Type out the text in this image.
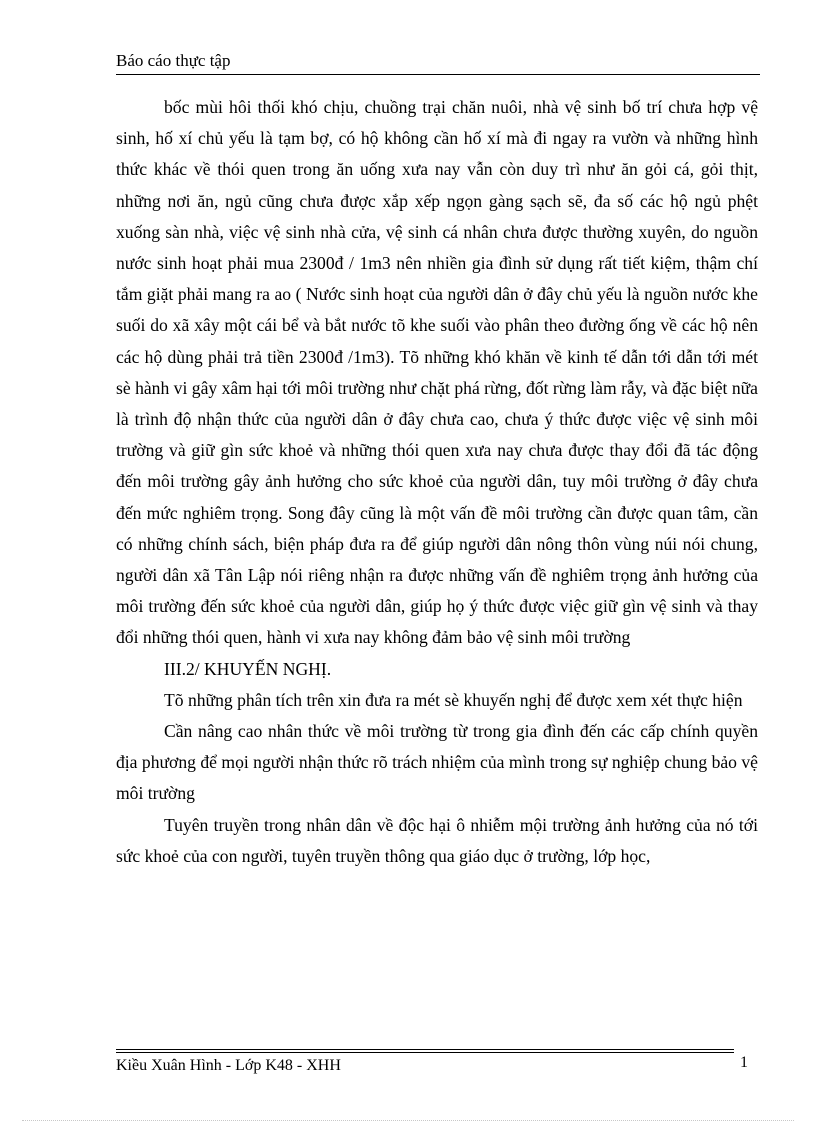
Báo cáo thực tập

bốc mùi hôi thối khó chịu, chuồng trại chăn nuôi, nhà vệ sinh bố trí chưa hợp vệ sinh, hố xí chủ yếu là tạm bợ, có hộ không cần hố xí mà đi ngay ra vườn và những hình thức khác về thói quen trong ăn uống xưa nay vẫn còn duy trì như ăn gỏi cá, gỏi thịt, những nơi ăn, ngủ cũng chưa được xắp xếp ngọn gàng sạch sẽ, đa số các hộ ngủ phệt xuống sàn nhà, việc vệ sinh nhà cửa, vệ sinh cá nhân chưa được thường xuyên, do nguồn nước sinh hoạt phải mua 2300đ / 1m3 nên nhiền gia đình sử dụng rất tiết kiệm, thậm chí tắm giặt phải mang ra ao ( Nước sinh hoạt của người dân ở đây chủ yếu là nguồn nước khe suối do xã xây một cái bể và bắt nước tõ khe suối vào phân theo đường ống về các hộ nên các hộ dùng phải trả tiền 2300đ /1m3). Tõ những khó khăn về kinh tế dẫn tới dẫn tới mét sè hành vi gây xâm hại tới môi trường như chặt phá rừng, đốt rừng làm rẫy, và đặc biệt nữa là trình độ nhận thức của người dân ở đây chưa cao, chưa ý thức được việc vệ sinh môi trường và giữ gìn sức khoẻ và những thói quen xưa nay chưa được thay đổi đã tác động đến môi trường gây ảnh hưởng cho sức khoẻ của người dân, tuy môi trường ở đây chưa đến mức nghiêm trọng. Song đây cũng là một vấn đề môi trường cần được quan tâm, cần có những chính sách, biện pháp đưa ra để giúp người dân nông thôn vùng núi nói chung, người dân xã Tân Lập nói riêng nhận ra được những vấn đề nghiêm trọng ảnh hưởng của môi trường đến sức khoẻ của người dân, giúp họ ý thức được việc giữ gìn vệ sinh và thay đổi những thói quen, hành vi xưa nay không đảm bảo vệ sinh môi trường

III.2/ KHUYẾN NGHỊ.

Tõ những phân tích trên xin đưa ra mét sè khuyến nghị để được xem xét thực hiện

Cần nâng cao nhân thức về môi trường từ trong gia đình đến các cấp chính quyền địa phương để mọi người nhận thức rõ trách nhiệm của mình trong sự nghiệp chung bảo vệ môi trường

Tuyên truyền trong nhân dân về độc hại ô nhiễm mội trường ảnh hưởng của nó tới sức khoẻ của con người, tuyên truyền thông qua giáo dục ở trường, lớp học,

Kiều Xuân Hình - Lớp K48 - XHH	1
